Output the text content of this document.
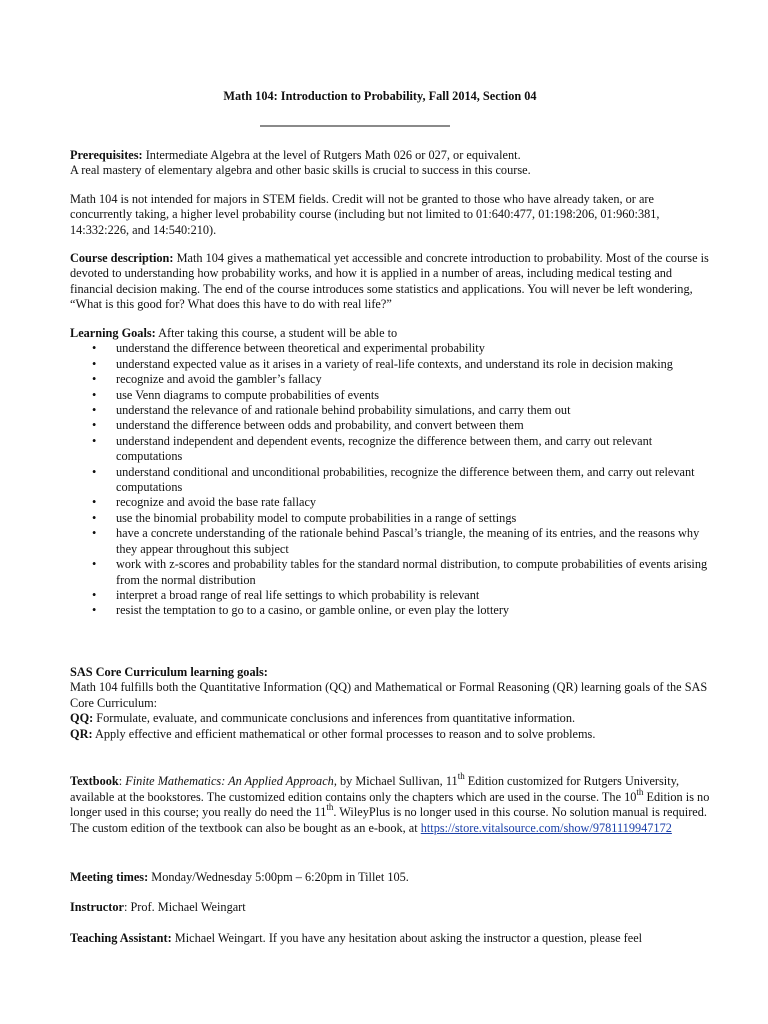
Math 104: Introduction to Probability, Fall 2014, Section 04

Prerequisites: Intermediate Algebra at the level of Rutgers Math 026 or 027, or equivalent.

A real mastery of elementary algebra and other basic skills is crucial to success in this course.

Math 104 is not intended for majors in STEM fields. Credit will not be granted to those who have already taken, or are concurrently taking, a higher level probability course (including but not limited to 01:640:477, 01:198:206, 01:960:381, 14:332:226, and 14:540:210).

Course description: Math 104 gives a mathematical yet accessible and concrete introduction to probability. Most of the course is devoted to understanding how probability works, and how it is applied in a number of areas, including medical testing and financial decision making. The end of the course introduces some statistics and applications. You will never be left wondering, “What is this good for? What does this have to do with real life?”

Learning Goals: After taking this course, a student will be able to

• understand the difference between theoretical and experimental probability
• understand expected value as it arises in a variety of real-life contexts, and understand its role in decision making
• recognize and avoid the gambler’s fallacy
• use Venn diagrams to compute probabilities of events
• understand the relevance of and rationale behind probability simulations, and carry them out
• understand the difference between odds and probability, and convert between them
• understand independent and dependent events, recognize the difference between them, and carry out relevant computations
• understand conditional and unconditional probabilities, recognize the difference between them, and carry out relevant computations
• recognize and avoid the base rate fallacy
• use the binomial probability model to compute probabilities in a range of settings
• have a concrete understanding of the rationale behind Pascal’s triangle, the meaning of its entries, and the reasons why they appear throughout this subject
• work with z-scores and probability tables for the standard normal distribution, to compute probabilities of events arising from the normal distribution
• interpret a broad range of real life settings to which probability is relevant
• resist the temptation to go to a casino, or gamble online, or even play the lottery

SAS Core Curriculum learning goals:

Math 104 fulfills both the Quantitative Information (QQ) and Mathematical or Formal Reasoning (QR) learning goals of the SAS Core Curriculum:

QQ: Formulate, evaluate, and communicate conclusions and inferences from quantitative information.

QR: Apply effective and efficient mathematical or other formal processes to reason and to solve problems.

Textbook: Finite Mathematics: An Applied Approach, by Michael Sullivan, 11th Edition customized for Rutgers University, available at the bookstores. The customized edition contains only the chapters which are used in the course. The 10th Edition is no longer used in this course; you really do need the 11th. WileyPlus is no longer used in this course. No solution manual is required.

The custom edition of the textbook can also be bought as an e-book, at https://store.vitalsource.com/show/9781119947172

Meeting times: Monday/Wednesday 5:00pm – 6:20pm in Tillet 105.

Instructor: Prof. Michael Weingart

Teaching Assistant: Michael Weingart. If you have any hesitation about asking the instructor a question, please feel
